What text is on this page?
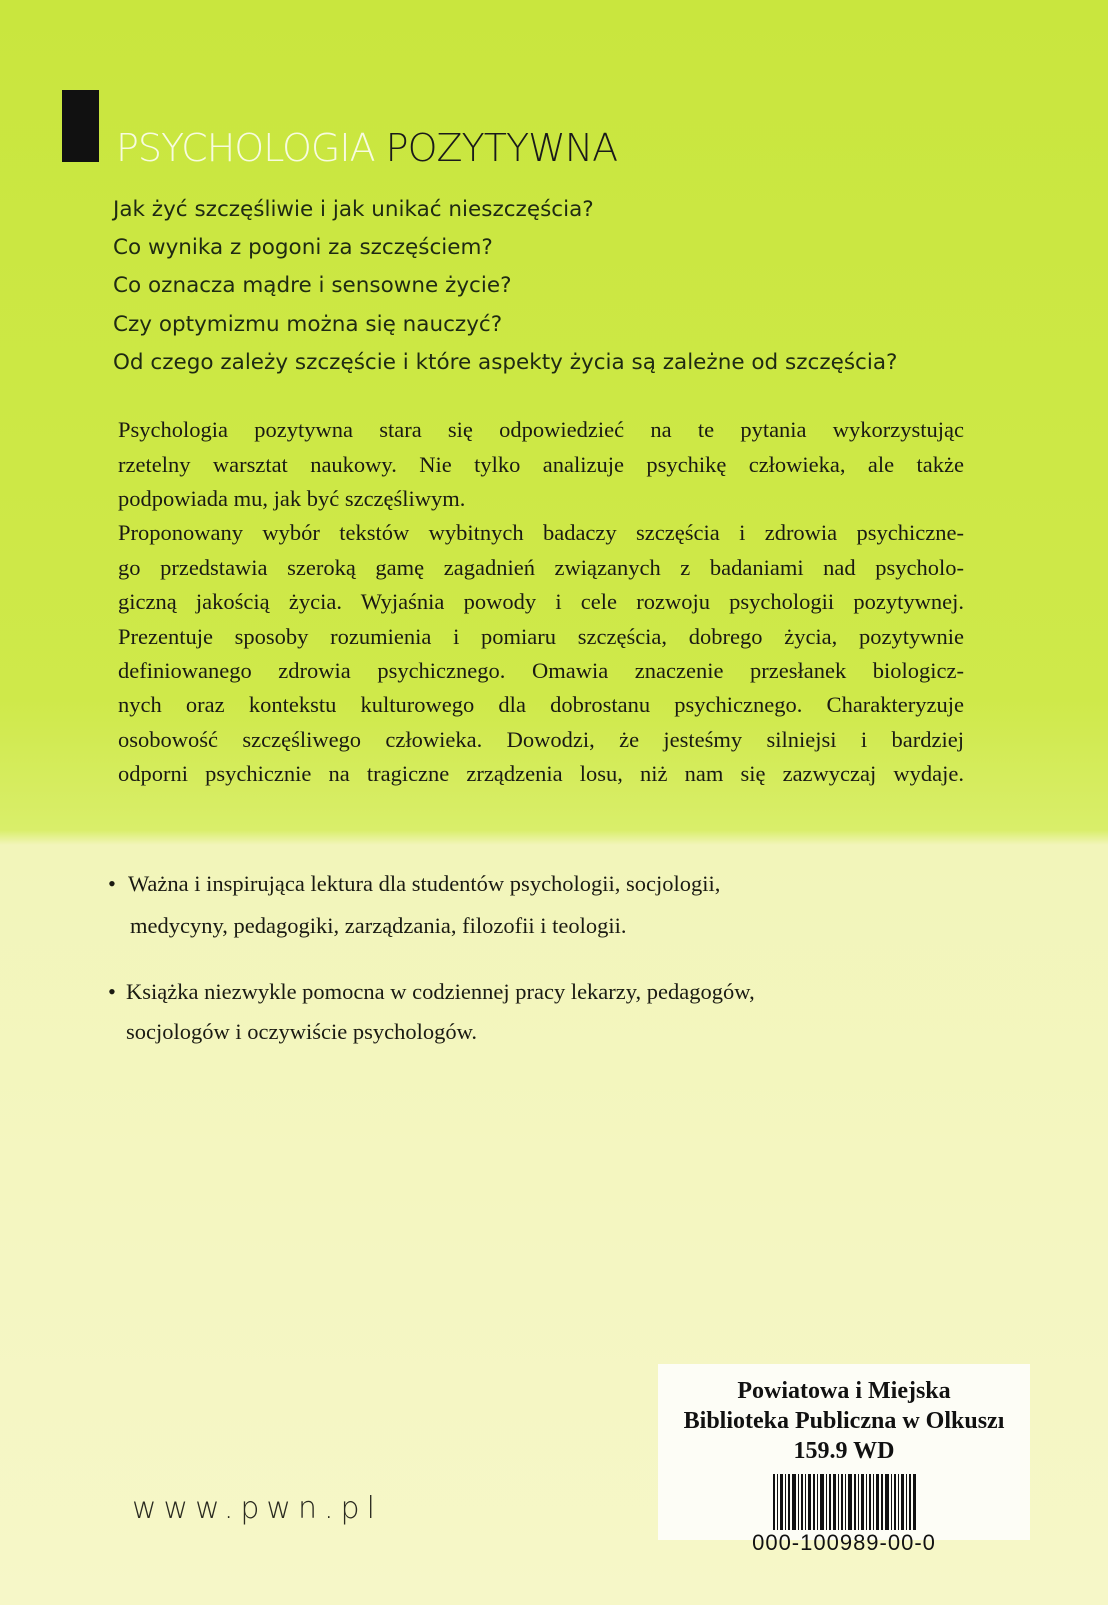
PSYCHOLOGIA POZYTYWNA
Jak żyć szczęśliwie i jak unikać nieszczęścia?
Co wynika z pogoni za szczęściem?
Co oznacza mądre i sensowne życie?
Czy optymizmu można się nauczyć?
Od czego zależy szczęście i które aspekty życia są zależne od szczęścia?
Psychologia pozytywna stara się odpowiedzieć na te pytania wykorzystując
rzetelny warsztat naukowy. Nie tylko analizuje psychikę człowieka, ale także
podpowiada mu, jak być szczęśliwym.
Proponowany wybór tekstów wybitnych badaczy szczęścia i zdrowia psychiczne-
go przedstawia szeroką gamę zagadnień związanych z badaniami nad psycholo-
giczną jakością życia. Wyjaśnia powody i cele rozwoju psychologii pozytywnej.
Prezentuje sposoby rozumienia i pomiaru szczęścia, dobrego życia, pozytywnie
definiowanego zdrowia psychicznego. Omawia znaczenie przesłanek biologicz-
nych oraz kontekstu kulturowego dla dobrostanu psychicznego. Charakteryzuje
osobowość szczęśliwego człowieka. Dowodzi, że jesteśmy silniejsi i bardziej
odporni psychicznie na tragiczne zrządzenia losu, niż nam się zazwyczaj wydaje.
• Ważna i inspirująca lektura dla studentów psychologii, socjologii,
medycyny, pedagogiki, zarządzania, filozofii i teologii.
• Książka niezwykle pomocna w codziennej pracy lekarzy, pedagogów,
socjologów i oczywiście psychologów.
www.pwn.pl
Powiatowa i Miejska
Biblioteka Publiczna w Olkuszı
159.9 WD
000-100989-00-0
